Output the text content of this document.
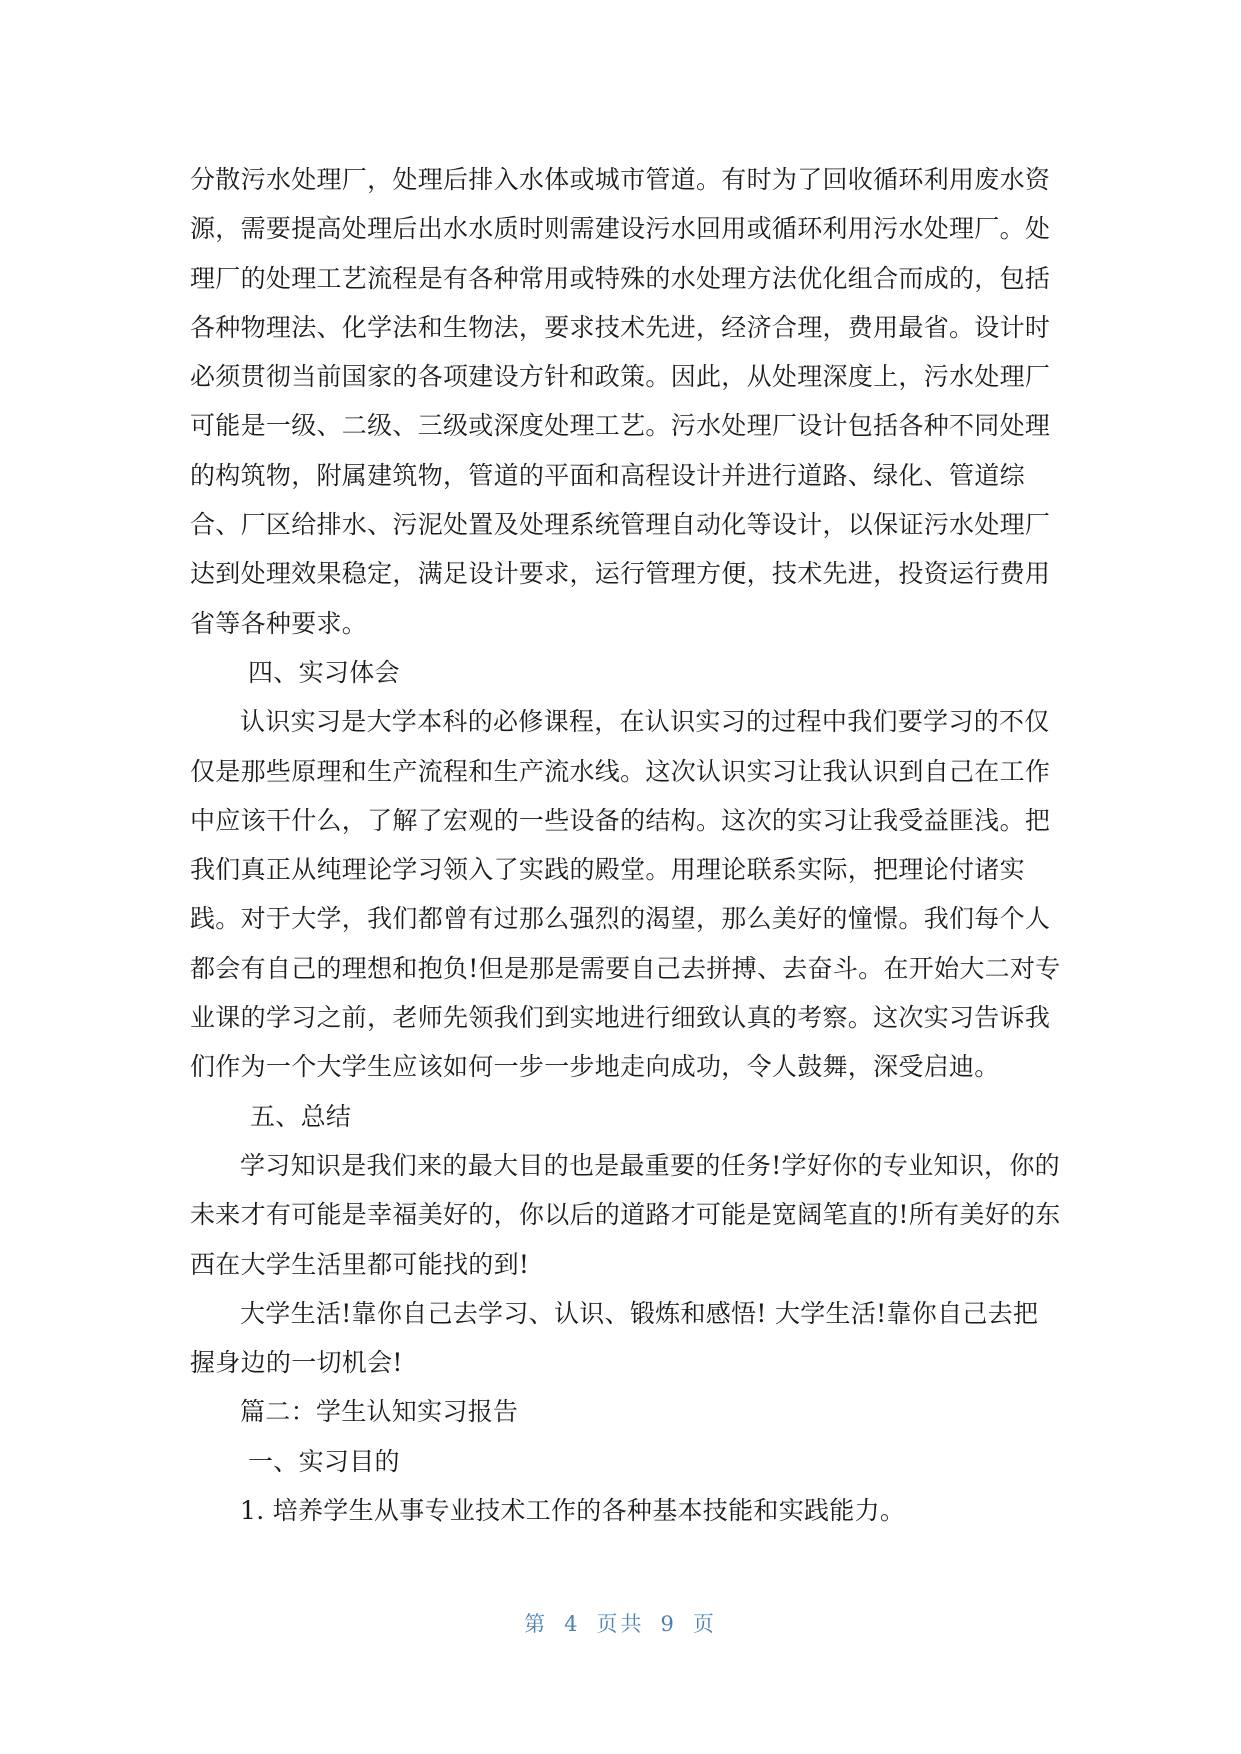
分散污水处理厂，处理后排入水体或城市管道。有时为了回收循环利用废水资
源，需要提高处理后出水水质时则需建设污水回用或循环利用污水处理厂。处
理厂的处理工艺流程是有各种常用或特殊的水处理方法优化组合而成的，包括
各种物理法、化学法和生物法，要求技术先进，经济合理，费用最省。设计时
必须贯彻当前国家的各项建设方针和政策。因此，从处理深度上，污水处理厂
可能是一级、二级、三级或深度处理工艺。污水处理厂设计包括各种不同处理
的构筑物，附属建筑物，管道的平面和高程设计并进行道路、绿化、管道综
合、厂区给排水、污泥处置及处理系统管理自动化等设计，以保证污水处理厂
达到处理效果稳定，满足设计要求，运行管理方便，技术先进，投资运行费用
省等各种要求。
四、实习体会
认识实习是大学本科的必修课程，在认识实习的过程中我们要学习的不仅
仅是那些原理和生产流程和生产流水线。这次认识实习让我认识到自己在工作
中应该干什么，了解了宏观的一些设备的结构。这次的实习让我受益匪浅。把
我们真正从纯理论学习领入了实践的殿堂。用理论联系实际，把理论付诸实
践。对于大学，我们都曾有过那么强烈的渴望，那么美好的憧憬。我们每个人
都会有自己的理想和抱负!但是那是需要自己去拼搏、去奋斗。在开始大二对专
业课的学习之前，老师先领我们到实地进行细致认真的考察。这次实习告诉我
们作为一个大学生应该如何一步一步地走向成功，令人鼓舞，深受启迪。
五、总结
学习知识是我们来的最大目的也是最重要的任务!学好你的专业知识，你的
未来才有可能是幸福美好的，你以后的道路才可能是宽阔笔直的!所有美好的东
西在大学生活里都可能找的到!
大学生活!靠你自己去学习、认识、锻炼和感悟! 大学生活!靠你自己去把
握身边的一切机会!
篇二：学生认知实习报告
一、实习目的
1. 培养学生从事专业技术工作的各种基本技能和实践能力。
第 4 页共 9 页
